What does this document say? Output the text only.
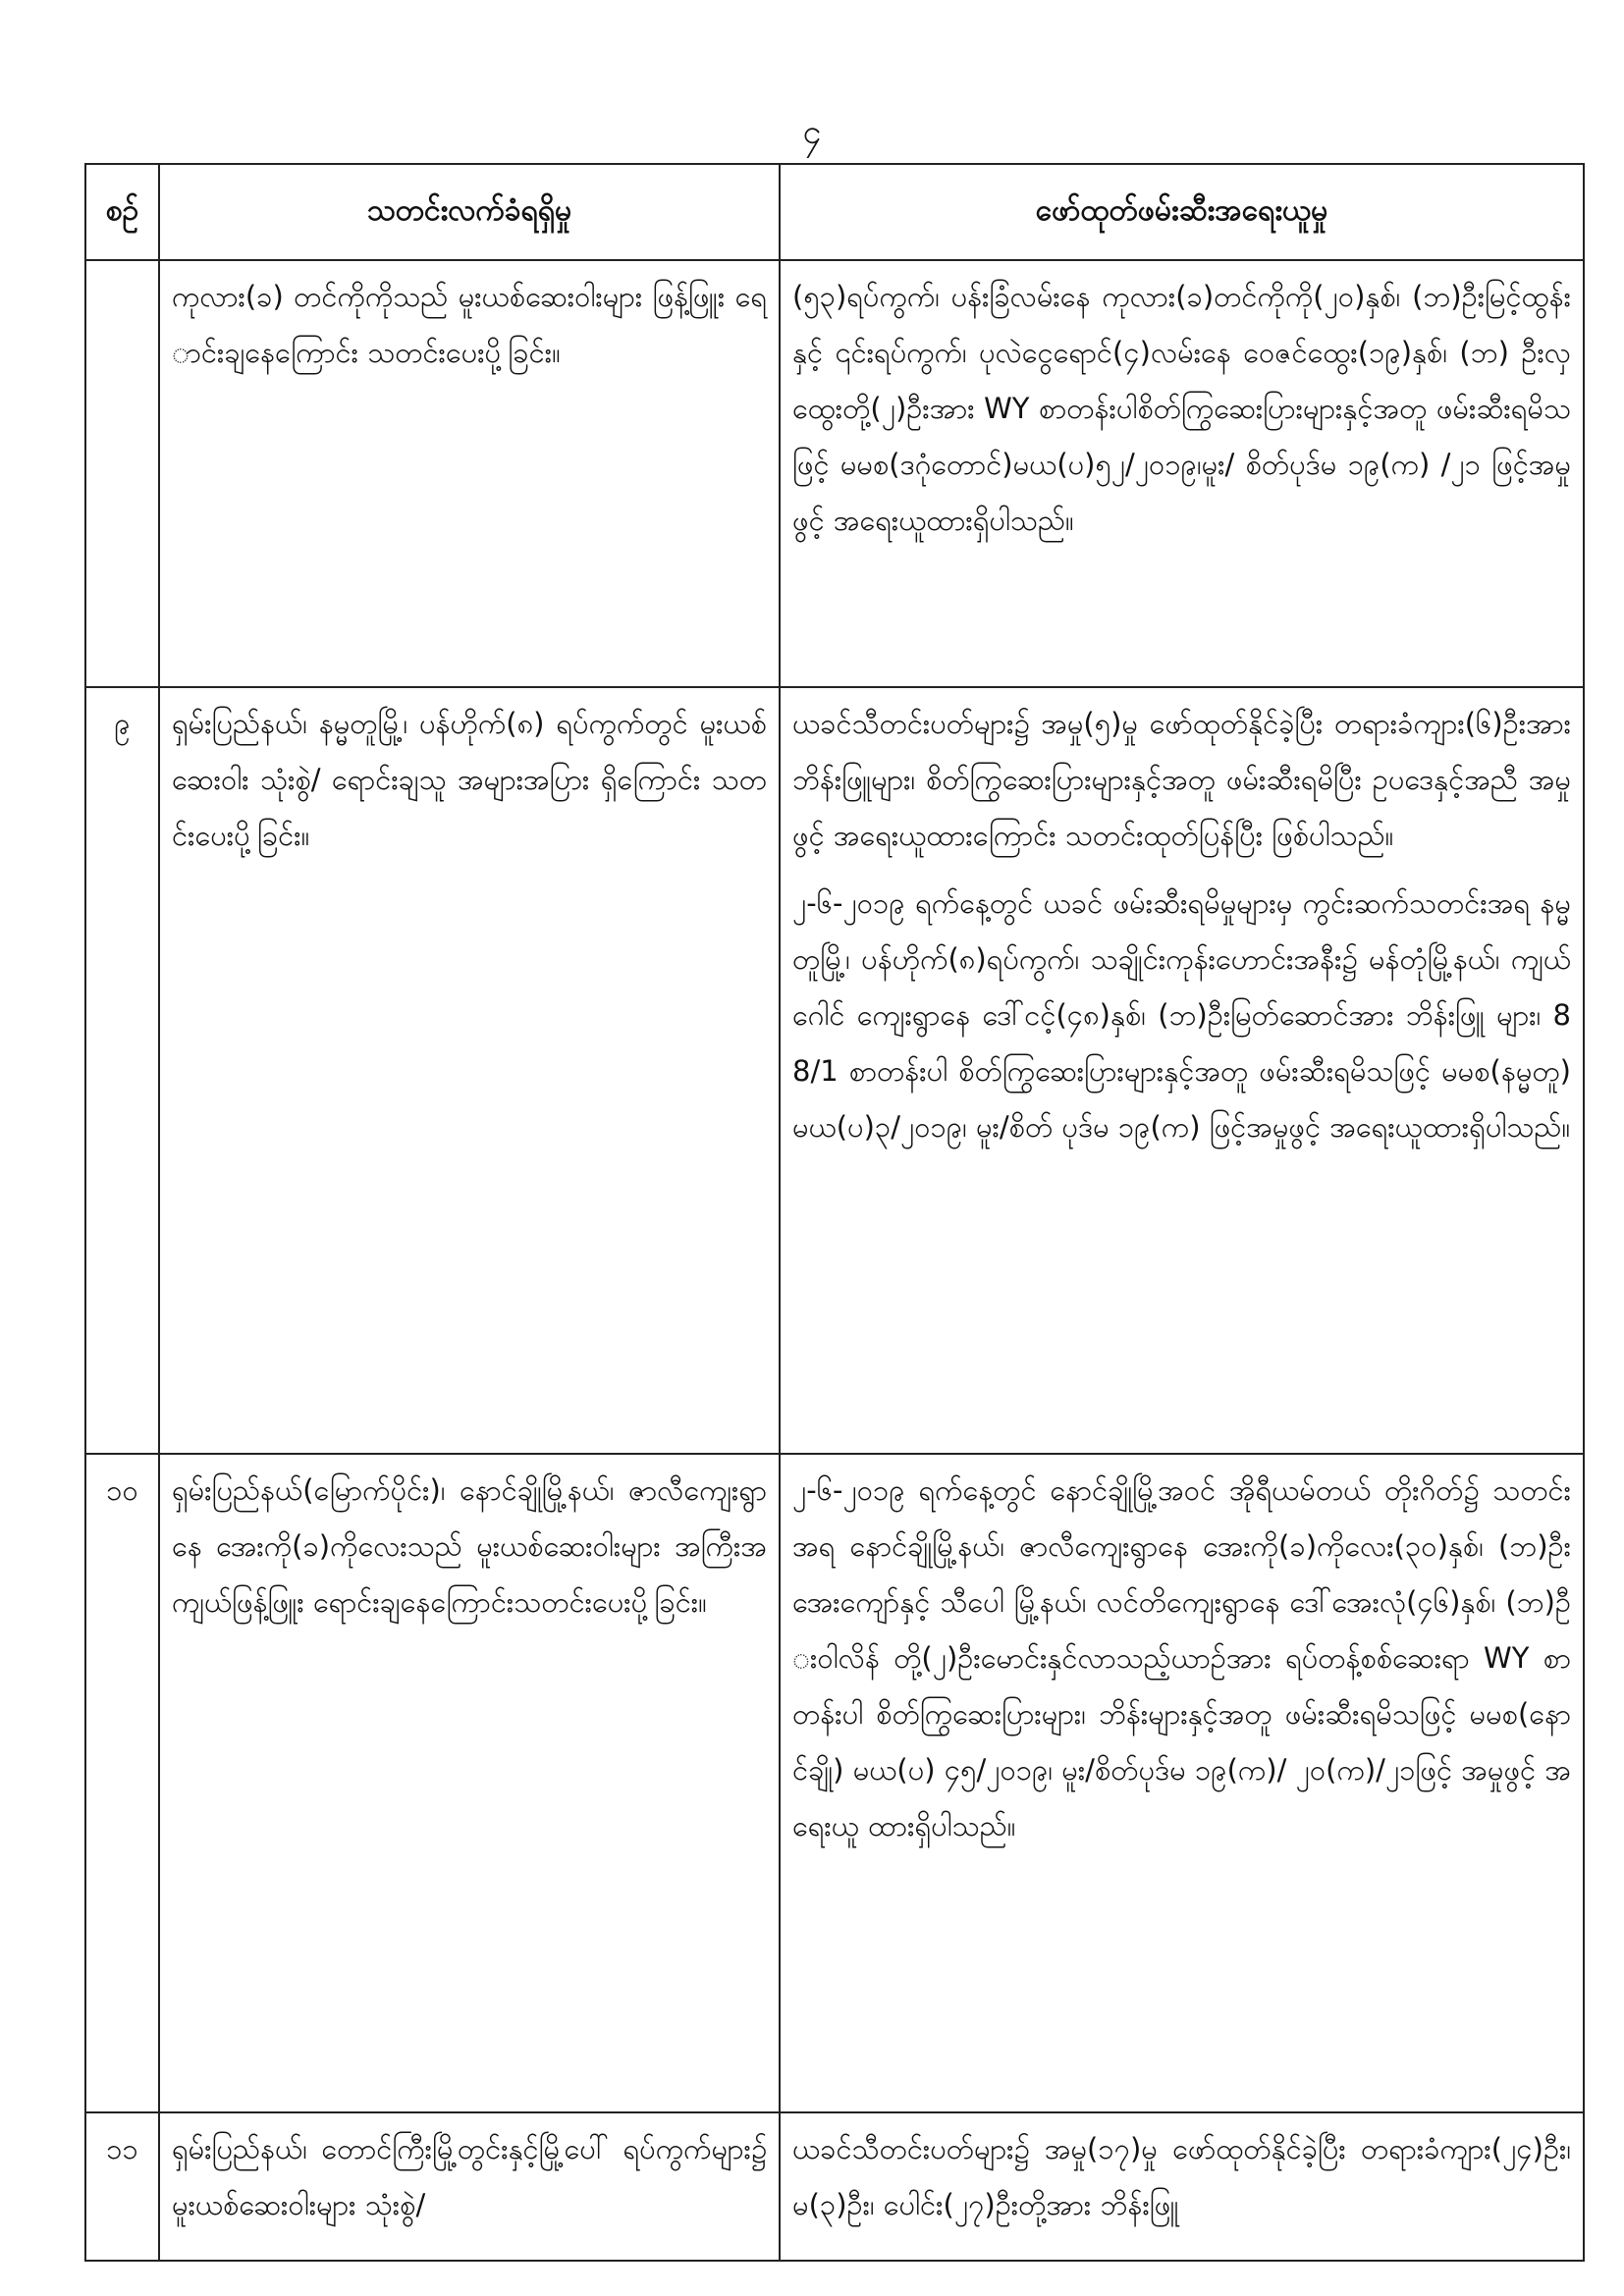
၄
စဉ်	သတင်းလက်ခံရရှိမှု	ဖော်ထုတ်ဖမ်းဆီးအရေးယူမှု

	ကုလား(ခ) တင်ကိုကိုသည် မူးယစ်ဆေးဝါးများ ဖြန့်ဖြူး ရောင်းချနေကြောင်း သတင်းပေးပို့ခြင်း။	(၅၃)ရပ်ကွက်၊ ပန်းခြံလမ်းနေ ကုလား(ခ)တင်ကိုကို(၂၀)နှစ်၊ (ဘ)ဦးမြင့်ထွန်းနှင့် ၎င်းရပ်ကွက်၊ ပုလဲငွေရောင်(၄)လမ်းနေ ဝေဇင်ထွေး(၁၉)နှစ်၊ (ဘ) ဦးလှထွေးတို့(၂)ဦးအား WY စာတန်းပါစိတ်ကြွဆေးပြားများနှင့်အတူ ဖမ်းဆီးရမိသဖြင့် မမစ(ဒဂုံတောင်)မယ(ပ)၅၂/၂၀၁၉၊မူး/ စိတ်ပုဒ်မ ၁၉(က) /၂၁ ဖြင့်အမှုဖွင့် အရေးယူထားရှိပါသည်။

၉	ရှမ်းပြည်နယ်၊ နမ္မတူမြို့၊ ပန်ဟိုက်(၈) ရပ်ကွက်တွင် မူးယစ်ဆေးဝါး သုံးစွဲ/ ရောင်းချသူ အများအပြား ရှိကြောင်း သတင်းပေးပို့ခြင်း။	ယခင်သီတင်းပတ်များ၌ အမှု(၅)မှု ဖော်ထုတ်နိုင်ခဲ့ပြီး တရားခံကျား(၆)ဦးအား ဘိန်းဖြူများ၊ စိတ်ကြွဆေးပြားများနှင့်အတူ ဖမ်းဆီးရမိပြီး ဥပဒေနှင့်အညီ အမှုဖွင့် အရေးယူထားကြောင်း သတင်းထုတ်ပြန်ပြီး ဖြစ်ပါသည်။

၂-၆-၂၀၁၉ ရက်နေ့တွင် ယခင် ဖမ်းဆီးရမိမှုများမှ ကွင်းဆက်သတင်းအရ နမ္မတူမြို့၊ ပန်ဟိုက်(၈)ရပ်ကွက်၊ သချိုင်းကုန်းဟောင်းအနီး၌ မန်တုံမြို့နယ်၊ ကျယ်ဂေါင် ကျေးရွာနေ ဒေါ်ငင့်(၄၈)နှစ်၊ (ဘ)ဦးမြတ်ဆောင်အား ဘိန်းဖြူ များ၊ 88/1 စာတန်းပါ စိတ်ကြွဆေးပြားများနှင့်အတူ ဖမ်းဆီးရမိသဖြင့် မမစ(နမ္မတူ)မယ(ပ)၃/၂၀၁၉၊ မူး/စိတ် ပုဒ်မ ၁၉(က) ဖြင့်အမှုဖွင့် အရေးယူထားရှိပါသည်။

၁၀	ရှမ်းပြည်နယ်(မြောက်ပိုင်း)၊ နောင်ချိုမြို့နယ်၊ ဇာလီကျေးရွာနေ အေးကို(ခ)ကိုလေးသည် မူးယစ်ဆေးဝါးများ အကြီးအကျယ်ဖြန့်ဖြူး ရောင်းချနေကြောင်းသတင်းပေးပို့ခြင်း။	၂-၆-၂၀၁၉ ရက်နေ့တွင် နောင်ချိုမြို့အဝင် အိုရီယမ်တယ် တိုးဂိတ်၌ သတင်းအရ နောင်ချိုမြို့နယ်၊ ဇာလီကျေးရွာနေ အေးကို(ခ)ကိုလေး(၃၀)နှစ်၊ (ဘ)ဦးအေးကျော်နှင့် သီပေါ မြို့နယ်၊ လင်တိကျေးရွာနေ ဒေါ်အေးလုံ(၄၆)နှစ်၊ (ဘ)ဦးဝါလိန် တို့(၂)ဦးမောင်းနှင်လာသည့်ယာဉ်အား ရပ်တန့်စစ်ဆေးရာ WY စာတန်းပါ စိတ်ကြွဆေးပြားများ၊ ဘိန်းများနှင့်အတူ ဖမ်းဆီးရမိသဖြင့် မမစ(နောင်ချို) မယ(ပ) ၄၅/၂၀၁၉၊ မူး/စိတ်ပုဒ်မ ၁၉(က)/ ၂၀(က)/၂၁ဖြင့် အမှုဖွင့် အရေးယူ ထားရှိပါသည်။

၁၁	ရှမ်းပြည်နယ်၊ တောင်ကြီးမြို့တွင်းနှင့်မြို့ပေါ် ရပ်ကွက်များ၌ မူးယစ်ဆေးဝါးများ သုံးစွဲ/	ယခင်သီတင်းပတ်များ၌ အမှု(၁၇)မှု ဖော်ထုတ်နိုင်ခဲ့ပြီး တရားခံကျား(၂၄)ဦး၊ မ(၃)ဦး၊ ပေါင်း(၂၇)ဦးတို့အား ဘိန်းဖြူ
